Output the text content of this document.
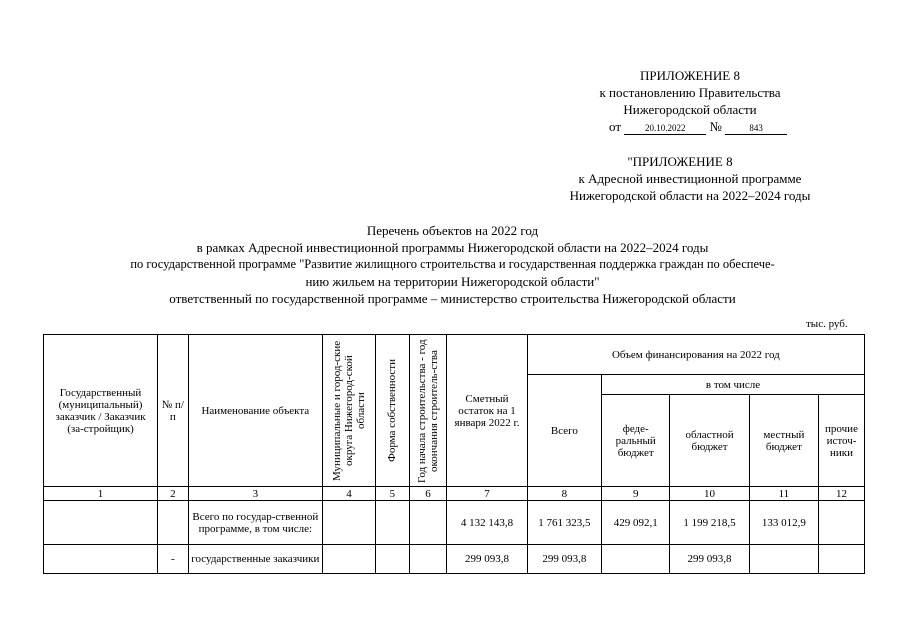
ПРИЛОЖЕНИЕ 8
к постановлению Правительства
Нижегородской области
от	20.10.2022 №	843
"ПРИЛОЖЕНИЕ 8
к Адресной инвестиционной программе
Нижегородской области на 2022–2024 годы
Перечень объектов на 2022 год
в рамках Адресной инвестиционной программы Нижегородской области на 2022–2024 годы
по государственной программе "Развитие жилищного строительства и государственная поддержка граждан по обеспече-
нию жильем на территории Нижегородской области"
ответственный по государственной программе – министерство строительства Нижегородской области
тыс. руб.
Государственный (муниципальный) заказчик / Заказчик (за-стройщик)	№ п/п	Наименование объекта	Муниципальные и город-ские округа Нижегород-ской области	Форма собственности	Год начала строительства - год окончания строитель-ства	Сметный остаток на 1 января 2022 г.	Объем финансирования на 2022 год				
							Всего	в том числе			
								феде-ральный бюджет	областной бюджет	местный бюджет	прочие источ-ники
1	2	3	4	5	6	7	8	9	10	11	12
		Всего по государ-ственной программе, в том числе:				4 132 143,8	1 761 323,5	429 092,1	1 199 218,5	133 012,9	
	-	государственные заказчики				299 093,8	299 093,8		299 093,8		
